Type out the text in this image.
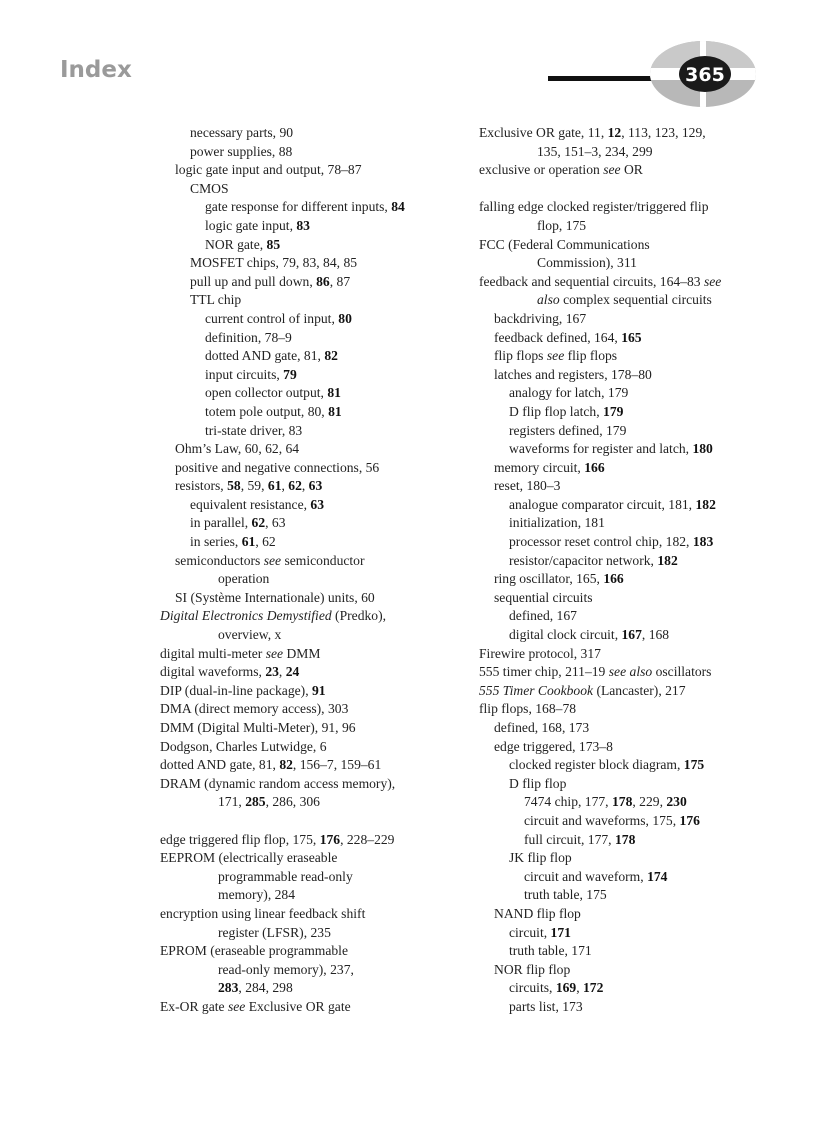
Index	365
necessary parts, 90
power supplies, 88
logic gate input and output, 78–87
CMOS
gate response for different inputs, 84
logic gate input, 83
NOR gate, 85
MOSFET chips, 79, 83, 84, 85
pull up and pull down, 86, 87
TTL chip
current control of input, 80
definition, 78–9
dotted AND gate, 81, 82
input circuits, 79
open collector output, 81
totem pole output, 80, 81
tri-state driver, 83
Ohm’s Law, 60, 62, 64
positive and negative connections, 56
resistors, 58, 59, 61, 62, 63
equivalent resistance, 63
in parallel, 62, 63
in series, 61, 62
semiconductors see semiconductor
operation
SI (Système Internationale) units, 60
Digital Electronics Demystified (Predko),
overview, x
digital multi-meter see DMM
digital waveforms, 23, 24
DIP (dual-in-line package), 91
DMA (direct memory access), 303
DMM (Digital Multi-Meter), 91, 96
Dodgson, Charles Lutwidge, 6
dotted AND gate, 81, 82, 156–7, 159–61
DRAM (dynamic random access memory),
171, 285, 286, 306
edge triggered flip flop, 175, 176, 228–229
EEPROM (electrically eraseable
programmable read-only
memory), 284
encryption using linear feedback shift
register (LFSR), 235
EPROM (eraseable programmable
read-only memory), 237,
283, 284, 298
Ex-OR gate see Exclusive OR gate
Exclusive OR gate, 11, 12, 113, 123, 129,
135, 151–3, 234, 299
exclusive or operation see OR
falling edge clocked register/triggered flip
flop, 175
FCC (Federal Communications
Commission), 311
feedback and sequential circuits, 164–83 see
also complex sequential circuits
backdriving, 167
feedback defined, 164, 165
flip flops see flip flops
latches and registers, 178–80
analogy for latch, 179
D flip flop latch, 179
registers defined, 179
waveforms for register and latch, 180
memory circuit, 166
reset, 180–3
analogue comparator circuit, 181, 182
initialization, 181
processor reset control chip, 182, 183
resistor/capacitor network, 182
ring oscillator, 165, 166
sequential circuits
defined, 167
digital clock circuit, 167, 168
Firewire protocol, 317
555 timer chip, 211–19 see also oscillators
555 Timer Cookbook (Lancaster), 217
flip flops, 168–78
defined, 168, 173
edge triggered, 173–8
clocked register block diagram, 175
D flip flop
7474 chip, 177, 178, 229, 230
circuit and waveforms, 175, 176
full circuit, 177, 178
JK flip flop
circuit and waveform, 174
truth table, 175
NAND flip flop
circuit, 171
truth table, 171
NOR flip flop
circuits, 169, 172
parts list, 173
